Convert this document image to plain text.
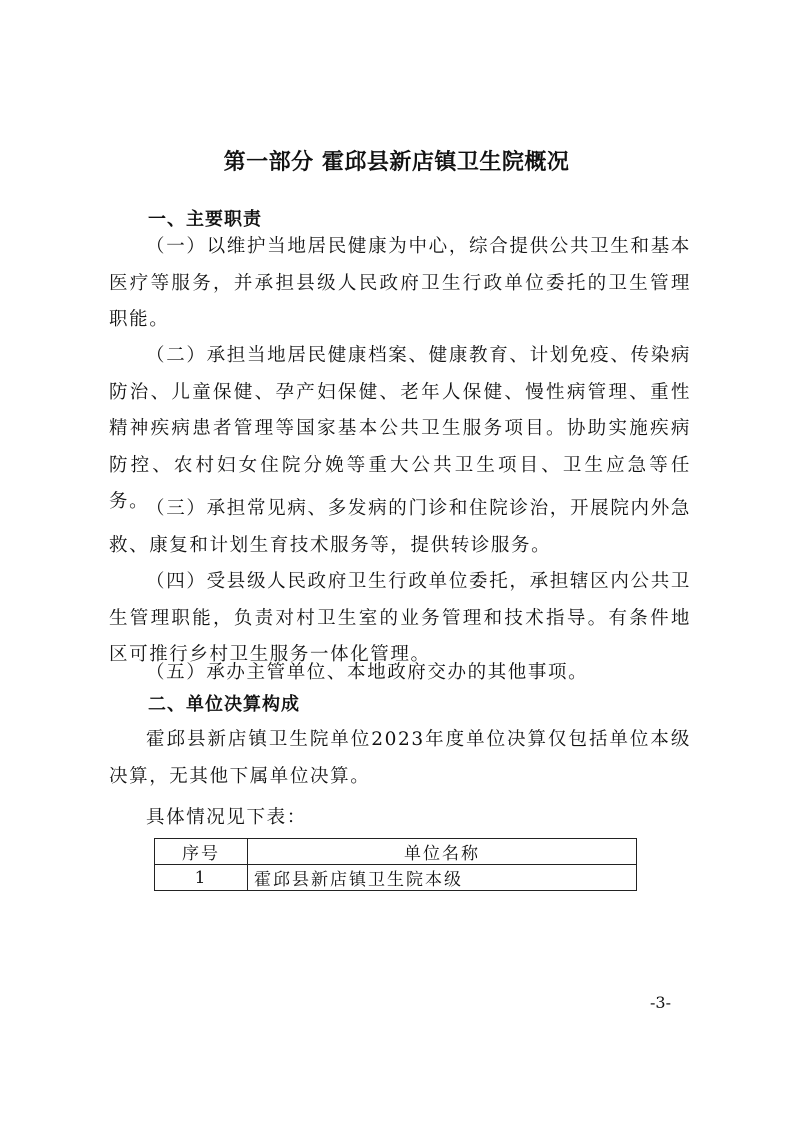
第一部分 霍邱县新店镇卫生院概况
一、主要职责
（一）以维护当地居民健康为中心，综合提供公共卫生和基本医疗等服务，并承担县级人民政府卫生行政单位委托的卫生管理职能。
（二）承担当地居民健康档案、健康教育、计划免疫、传染病防治、儿童保健、孕产妇保健、老年人保健、慢性病管理、重性精神疾病患者管理等国家基本公共卫生服务项目。协助实施疾病防控、农村妇女住院分娩等重大公共卫生项目、卫生应急等任务。
（三）承担常见病、多发病的门诊和住院诊治，开展院内外急救、康复和计划生育技术服务等，提供转诊服务。
（四）受县级人民政府卫生行政单位委托，承担辖区内公共卫生管理职能，负责对村卫生室的业务管理和技术指导。有条件地区可推行乡村卫生服务一体化管理。
（五）承办主管单位、本地政府交办的其他事项。
二、单位决算构成
霍邱县新店镇卫生院单位2023年度单位决算仅包括单位本级决算，无其他下属单位决算。
具体情况见下表：
序号	单位名称
1	霍邱县新店镇卫生院本级
-3-
